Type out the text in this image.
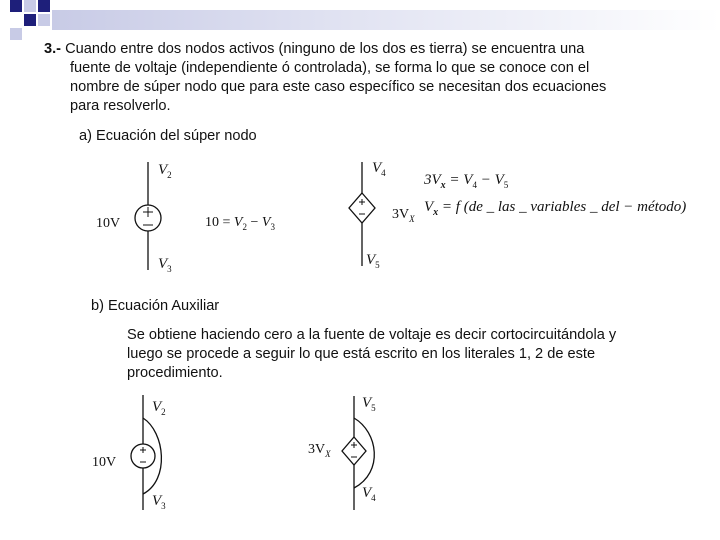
3.- Cuando entre dos nodos activos (ninguno de los dos es tierra) se encuentra una
fuente de voltaje (independiente ó controlada), se forma lo que se conoce con el
nombre de súper nodo que para este caso específico se necesitan dos ecuaciones
para resolverlo.
a) Ecuación del súper nodo
b) Ecuación Auxiliar
Se obtiene haciendo cero a la fuente de voltaje es decir cortocircuitándola y
luego se procede a seguir lo que está escrito en los literales 1, 2 de este
procedimiento.
$V_2$
10V
$V_3$
$10 = V_2 - V_3$
$V_4$
$3V_X$
$V_5$
$3V_x = V_4 - V_5$
$V_x = f$ (de _ las _ variables _ del − método)
$V_2$
10V
$V_3$
$V_5$
$3V_X$
$V_4$
